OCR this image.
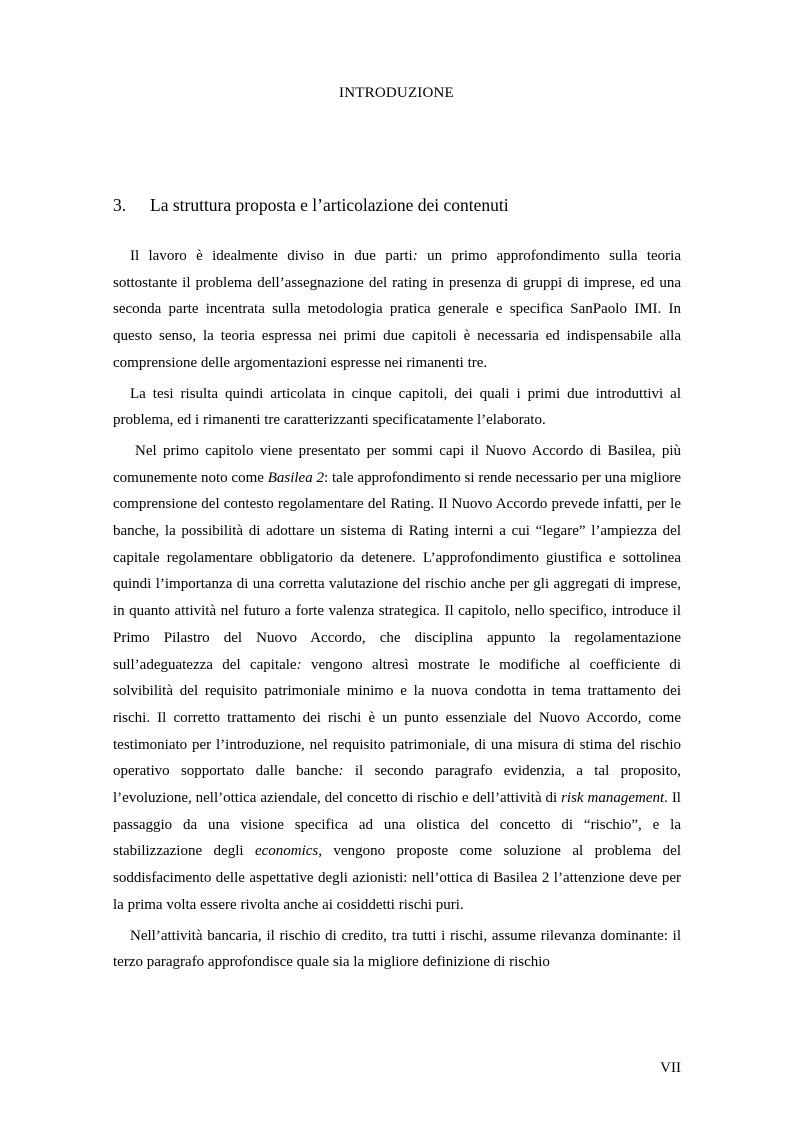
INTRODUZIONE
3. La struttura proposta e l’articolazione dei contenuti

Il lavoro è idealmente diviso in due parti: un primo approfondimento sulla teoria sottostante il problema dell’assegnazione del rating in presenza di gruppi di imprese, ed una seconda parte incentrata sulla metodologia pratica generale e specifica SanPaolo IMI. In questo senso, la teoria espressa nei primi due capitoli è necessaria ed indispensabile alla comprensione delle argomentazioni espresse nei rimanenti tre.

La tesi risulta quindi articolata in cinque capitoli, dei quali i primi due introduttivi al problema, ed i rimanenti tre caratterizzanti specificatamente l’elaborato.

Nel primo capitolo viene presentato per sommi capi il Nuovo Accordo di Basilea, più comunemente noto come Basilea 2: tale approfondimento si rende necessario per una migliore comprensione del contesto regolamentare del Rating. Il Nuovo Accordo prevede infatti, per le banche, la possibilità di adottare un sistema di Rating interni a cui “legare” l’ampiezza del capitale regolamentare obbligatorio da detenere. L’approfondimento giustifica e sottolinea quindi l’importanza di una corretta valutazione del rischio anche per gli aggregati di imprese, in quanto attività nel futuro a forte valenza strategica. Il capitolo, nello specifico, introduce il Primo Pilastro del Nuovo Accordo, che disciplina appunto la regolamentazione sull’adeguatezza del capitale: vengono altresì mostrate le modifiche al coefficiente di solvibilità del requisito patrimoniale minimo e la nuova condotta in tema trattamento dei rischi. Il corretto trattamento dei rischi è un punto essenziale del Nuovo Accordo, come testimoniato per l’introduzione, nel requisito patrimoniale, di una misura di stima del rischio operativo sopportato dalle banche: il secondo paragrafo evidenzia, a tal proposito, l’evoluzione, nell’ottica aziendale, del concetto di rischio e dell’attività di risk management. Il passaggio da una visione specifica ad una olistica del concetto di “rischio”, e la stabilizzazione degli economics, vengono proposte come soluzione al problema del soddisfacimento delle aspettative degli azionisti: nell’ottica di Basilea 2 l’attenzione deve per la prima volta essere rivolta anche ai cosiddetti rischi puri.

Nell’attività bancaria, il rischio di credito, tra tutti i rischi, assume rilevanza dominante: il terzo paragrafo approfondisce quale sia la migliore definizione di rischio

VII
